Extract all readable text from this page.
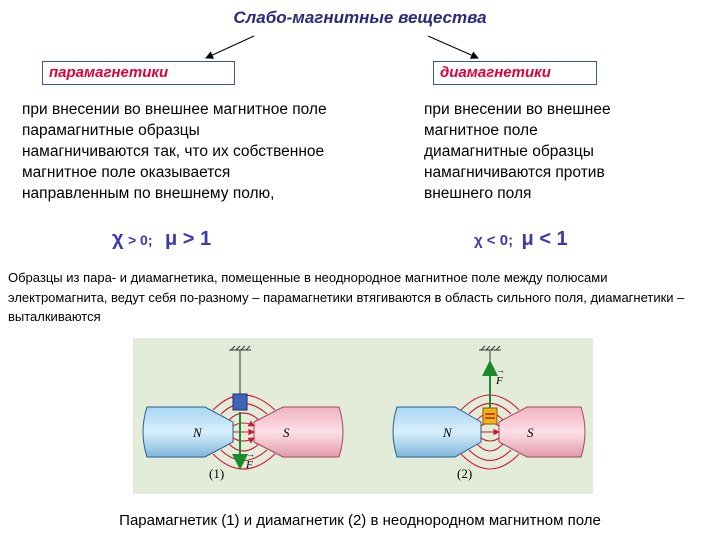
Слабо-магнитные вещества
парамагнетики	диамагнетики
при внесении во внешнее магнитное поле
парамагнитные образцы
намагничиваются так, что их собственное
магнитное поле оказывается
направленным по внешнему полю,
при внесении во внешнее
магнитное поле
диамагнитные образцы
намагничиваются против
внешнего поля
χ > 0; μ > 1	χ < 0; μ < 1
Образцы из пара- и диамагнетика, помещенные в неоднородное магнитное поле между полюсами электромагнита, ведут себя по-разному – парамагнетики втягиваются в область сильного поля, диамагнетики – выталкиваются
F
→
N	S
(1)
F
→
N	S
(2)
Парамагнетик (1) и диамагнетик (2) в неоднородном магнитном поле
